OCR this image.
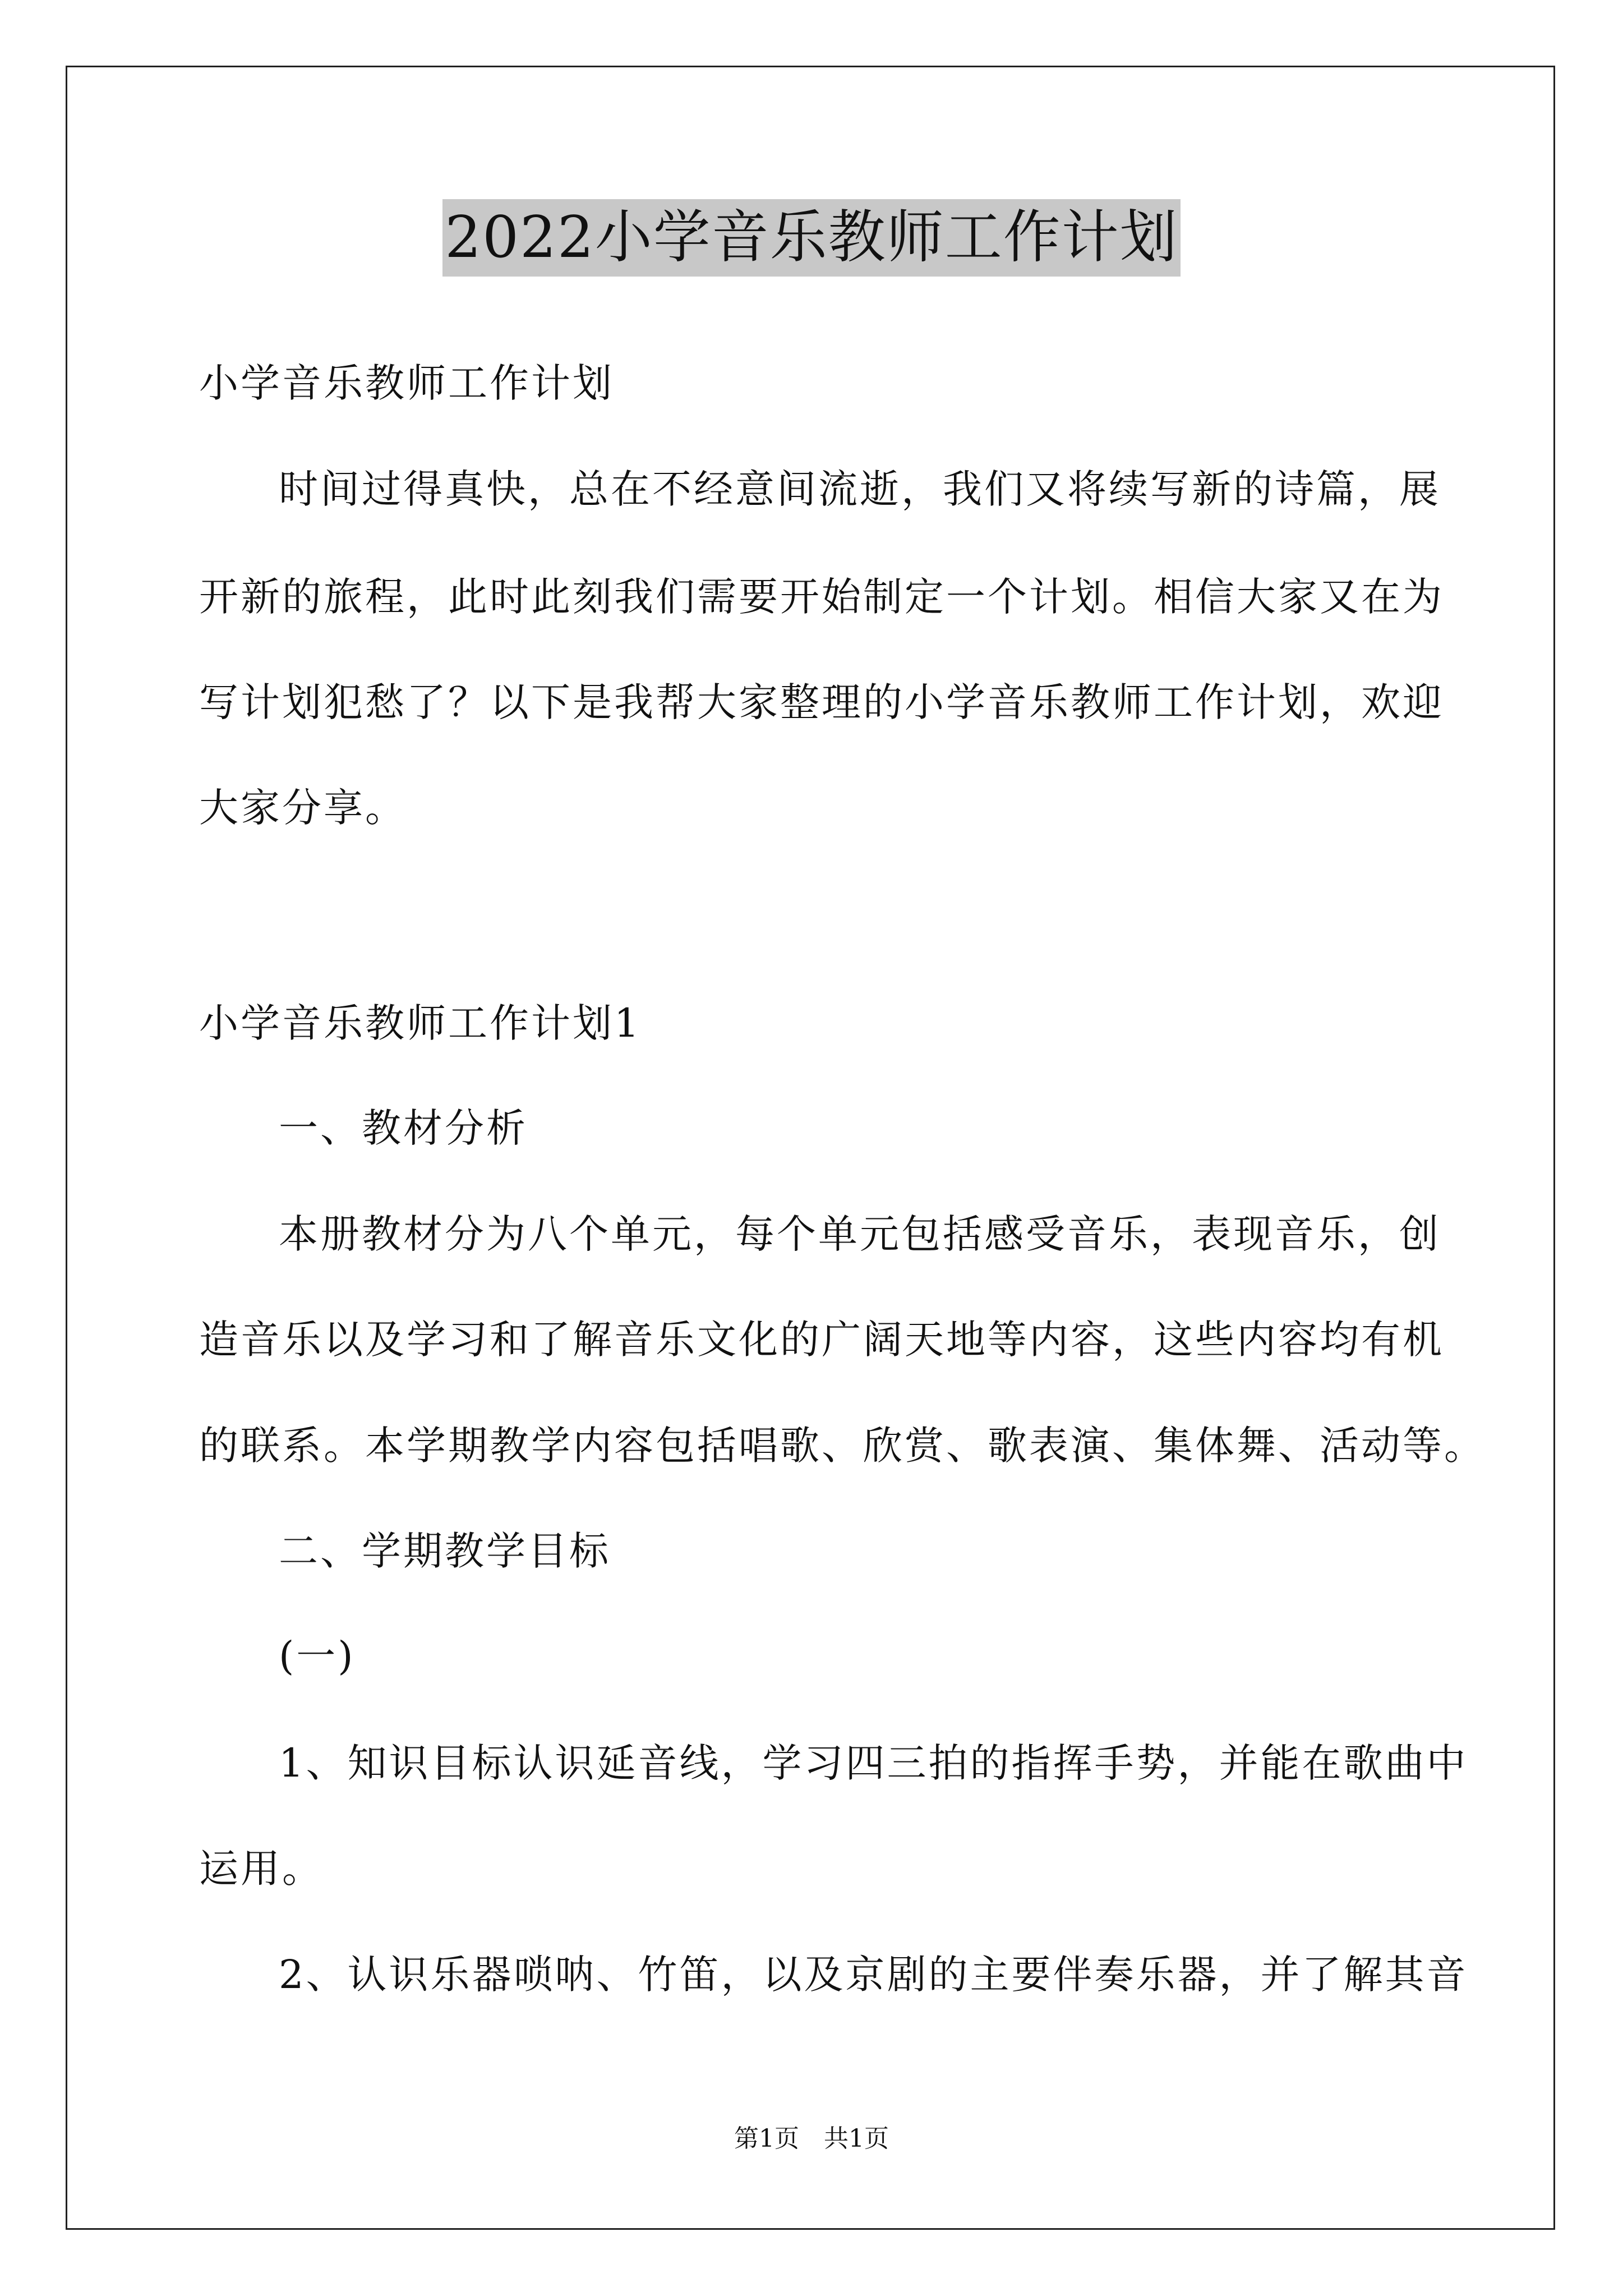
2022小学音乐教师工作计划
小学音乐教师工作计划
时间过得真快，总在不经意间流逝，我们又将续写新的诗篇，展
开新的旅程，此时此刻我们需要开始制定一个计划。相信大家又在为
写计划犯愁了？以下是我帮大家整理的小学音乐教师工作计划，欢迎
大家分享。
小学音乐教师工作计划1
一、教材分析
本册教材分为八个单元，每个单元包括感受音乐，表现音乐，创
造音乐以及学习和了解音乐文化的广阔天地等内容，这些内容均有机
的联系。本学期教学内容包括唱歌、欣赏、歌表演、集体舞、活动等。
二、学期教学目标
(一)
1、知识目标认识延音线，学习四三拍的指挥手势，并能在歌曲中
运用。
2、认识乐器唢呐、竹笛，以及京剧的主要伴奏乐器，并了解其音
第1页　共1页
